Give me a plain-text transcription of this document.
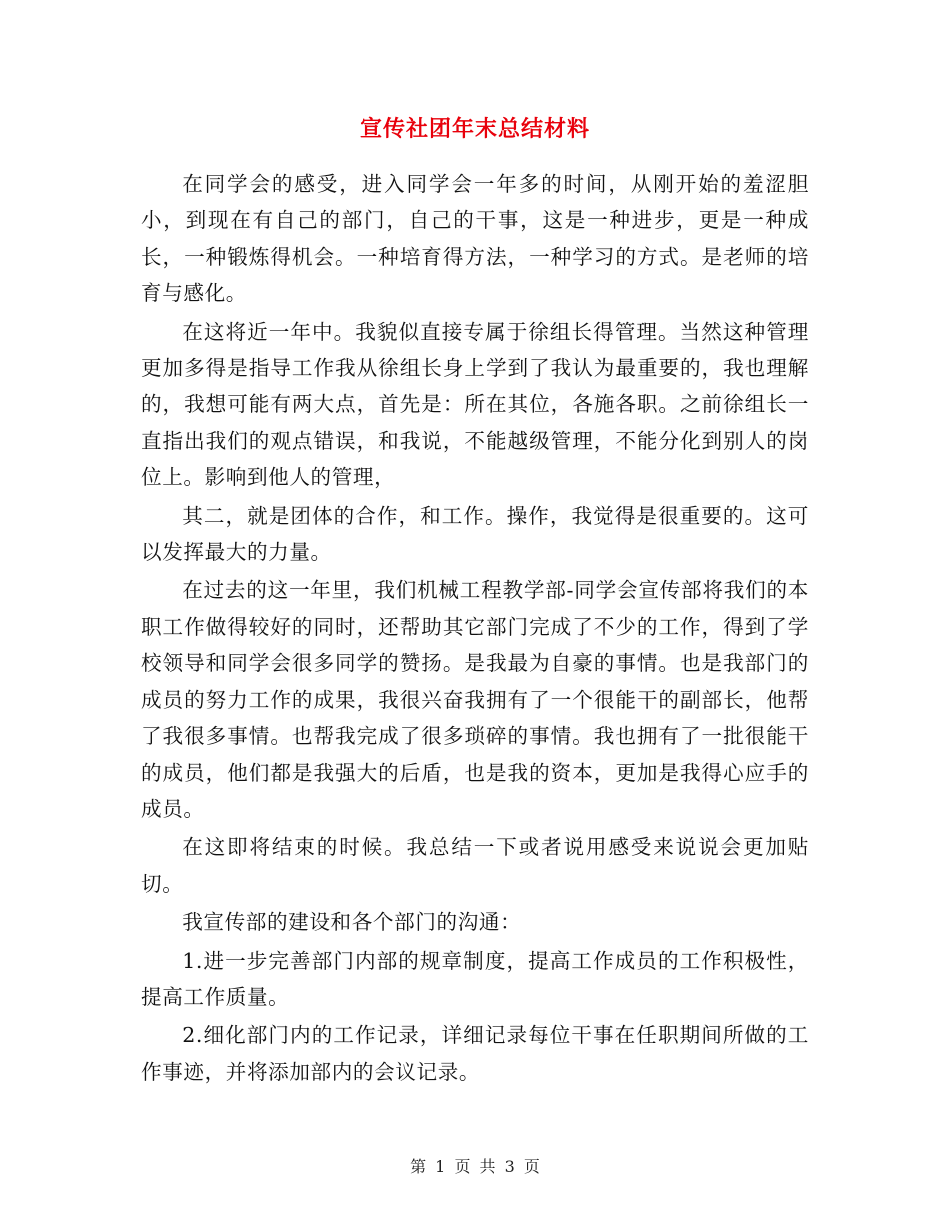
宣传社团年末总结材料

在同学会的感受，进入同学会一年多的时间，从刚开始的羞涩胆小，到现在有自己的部门，自己的干事，这是一种进步，更是一种成长，一种锻炼得机会。一种培育得方法，一种学习的方式。是老师的培育与感化。

在这将近一年中。我貌似直接专属于徐组长得管理。当然这种管理更加多得是指导工作我从徐组长身上学到了我认为最重要的，我也理解的，我想可能有两大点，首先是：所在其位，各施各职。之前徐组长一直指出我们的观点错误，和我说，不能越级管理，不能分化到别人的岗位上。影响到他人的管理，

其二，就是团体的合作，和工作。操作，我觉得是很重要的。这可以发挥最大的力量。

在过去的这一年里，我们机械工程教学部-同学会宣传部将我们的本职工作做得较好的同时，还帮助其它部门完成了不少的工作，得到了学校领导和同学会很多同学的赞扬。是我最为自豪的事情。也是我部门的成员的努力工作的成果，我很兴奋我拥有了一个很能干的副部长，他帮了我很多事情。也帮我完成了很多琐碎的事情。我也拥有了一批很能干的成员，他们都是我强大的后盾，也是我的资本，更加是我得心应手的成员。

在这即将结束的时候。我总结一下或者说用感受来说说会更加贴切。

我宣传部的建设和各个部门的沟通：

1.进一步完善部门内部的规章制度，提高工作成员的工作积极性，提高工作质量。

2.细化部门内的工作记录，详细记录每位干事在任职期间所做的工作事迹，并将添加部内的会议记录。

第 1 页 共 3 页
